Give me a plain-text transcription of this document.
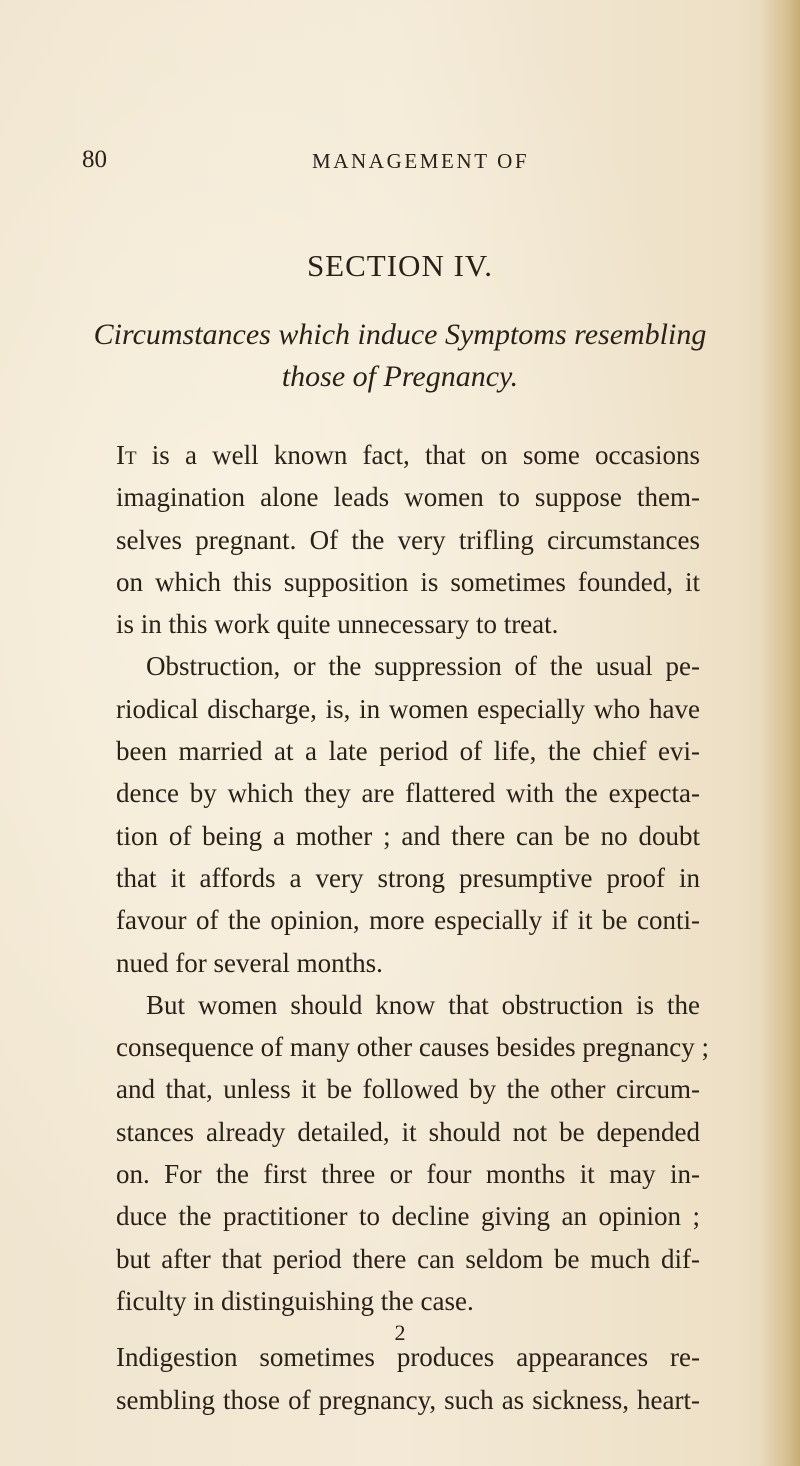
80	MANAGEMENT OF
SECTION IV.
Circumstances which induce Symptoms resembling
those of Pregnancy.
It is a well known fact, that on some occasions
imagination alone leads women to suppose them-
selves pregnant. Of the very trifling circumstances
on which this supposition is sometimes founded, it
is in this work quite unnecessary to treat.
Obstruction, or the suppression of the usual pe-
riodical discharge, is, in women especially who have
been married at a late period of life, the chief evi-
dence by which they are flattered with the expecta-
tion of being a mother ; and there can be no doubt
that it affords a very strong presumptive proof in
favour of the opinion, more especially if it be conti-
nued for several months.
But women should know that obstruction is the
consequence of many other causes besides pregnancy ;
and that, unless it be followed by the other circum-
stances already detailed, it should not be depended
on. For the first three or four months it may in-
duce the practitioner to decline giving an opinion ;
but after that period there can seldom be much dif-
ficulty in distinguishing the case.
Indigestion sometimes produces appearances re-
sembling those of pregnancy, such as sickness, heart-
2
